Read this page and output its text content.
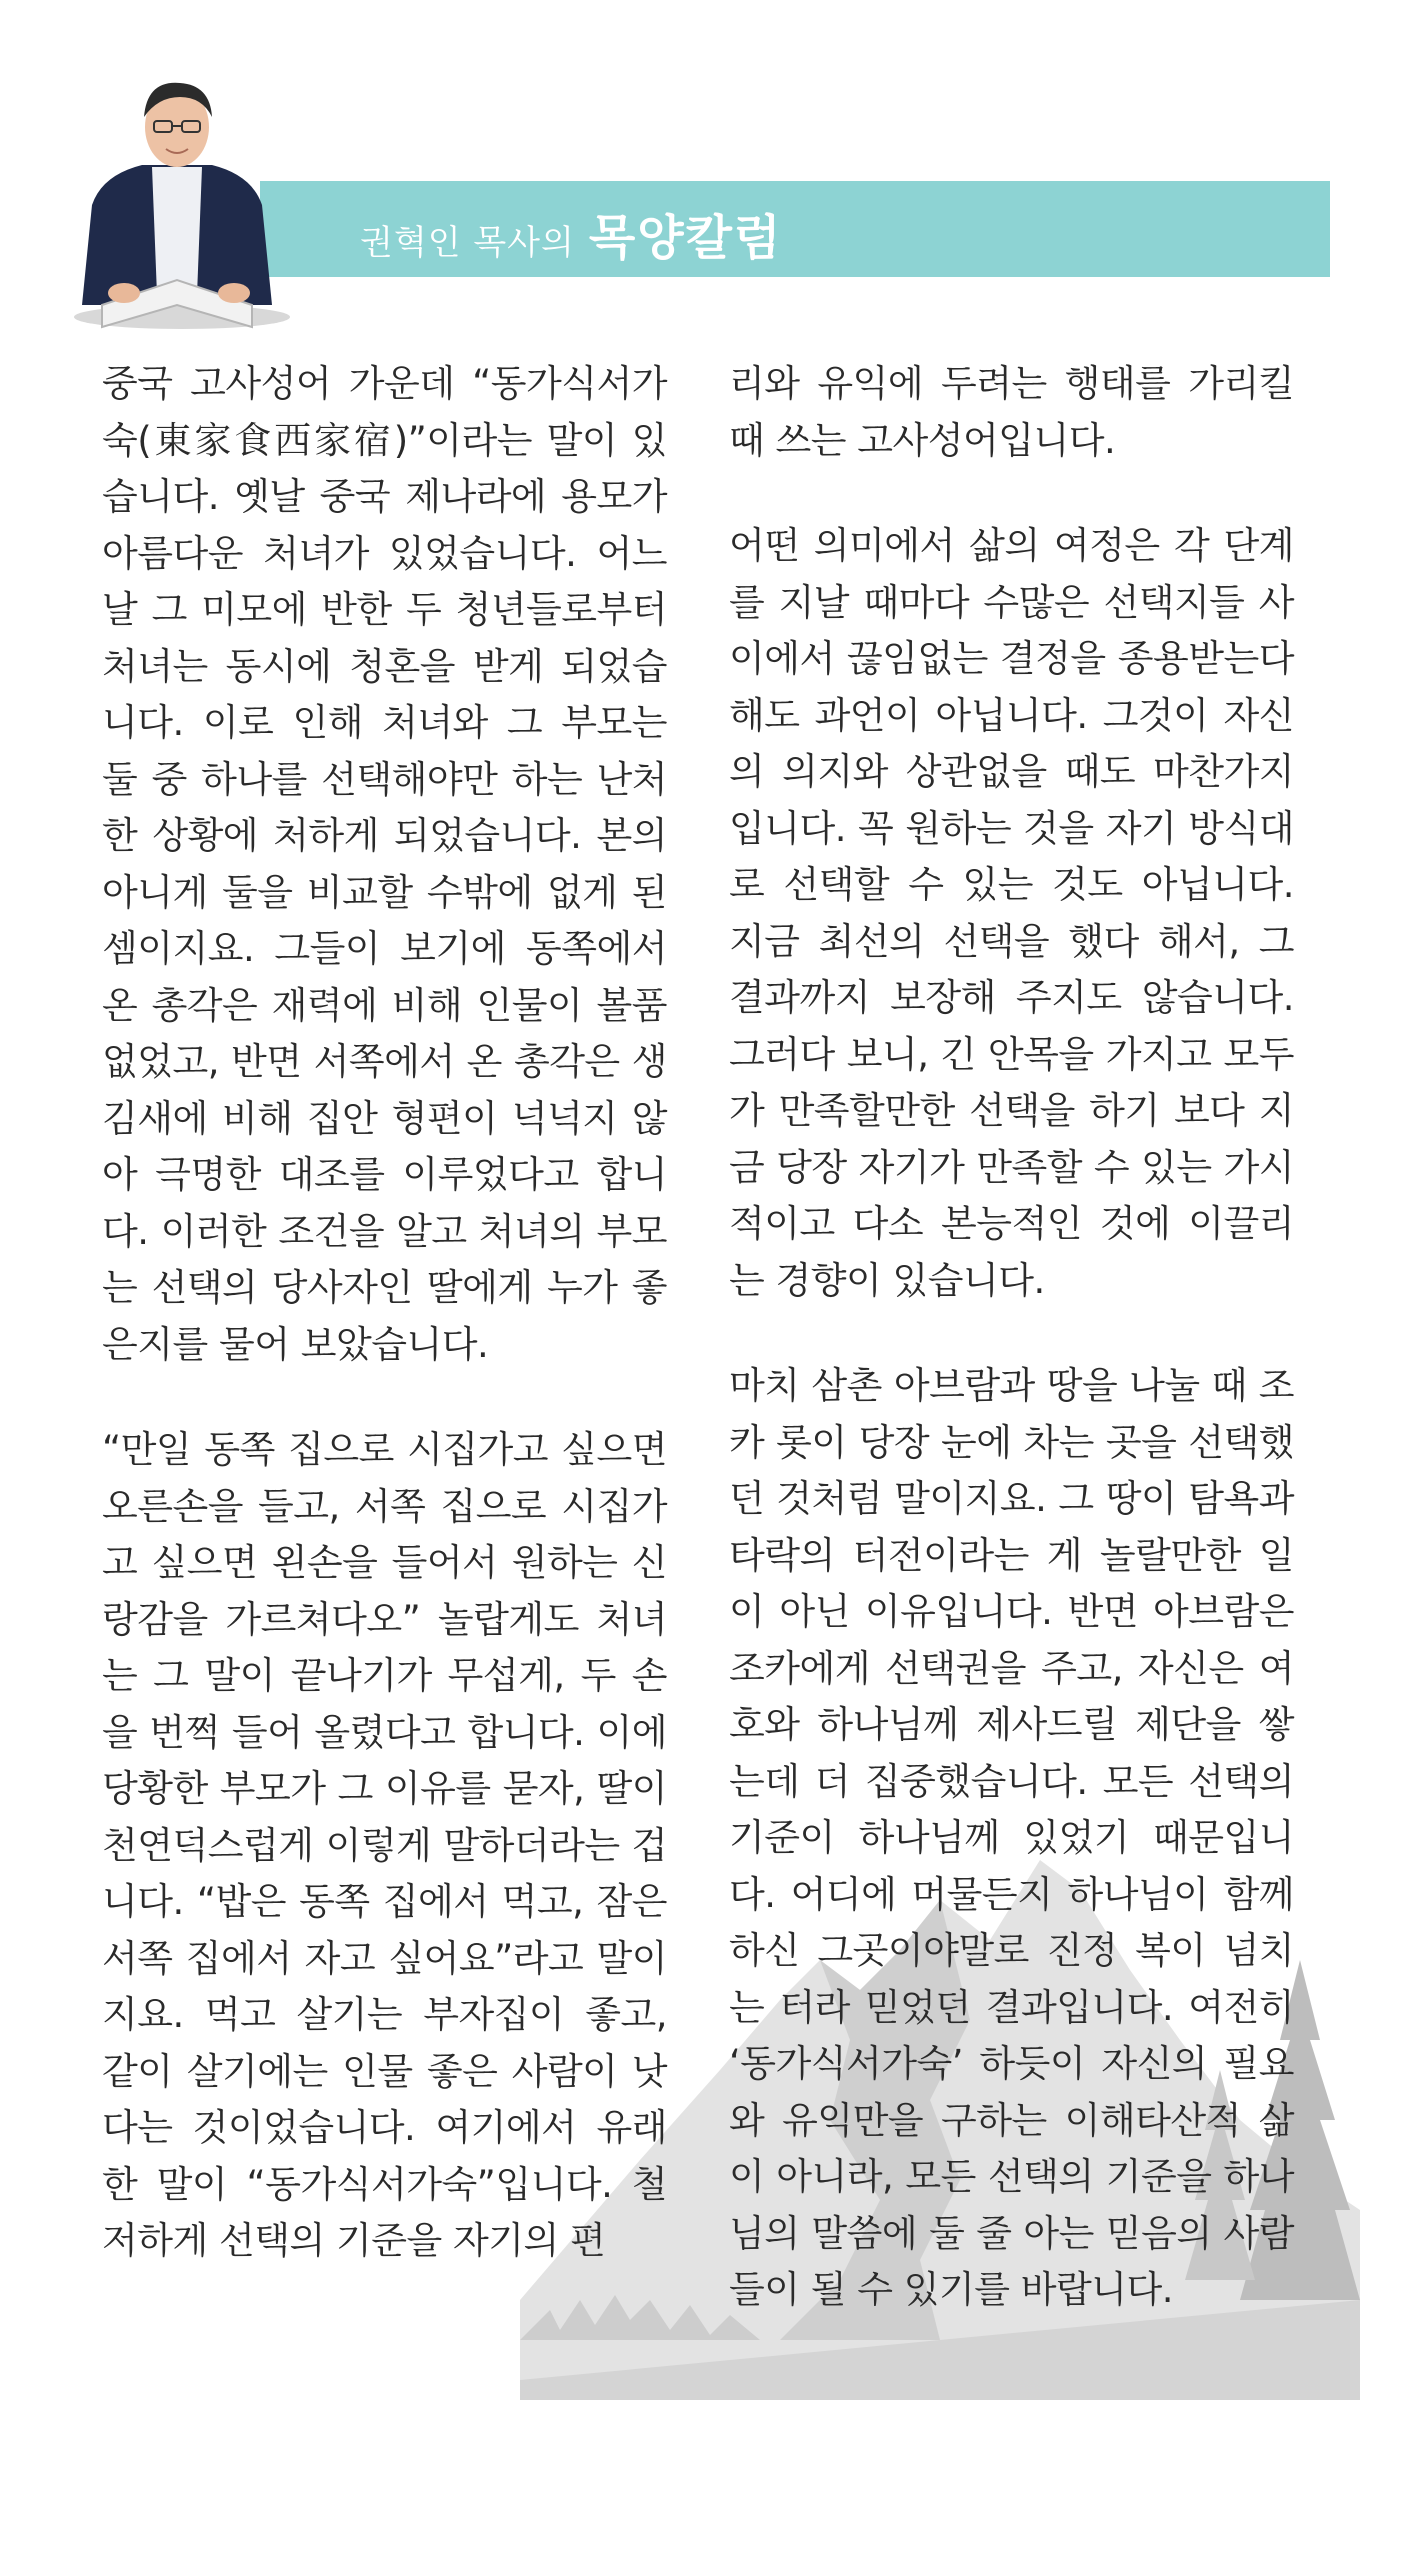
권혁인 목사의 목양칼럼

중국 고사성어 가운데 “동가식서가숙(東家食西家宿)”이라는 말이 있습니다. 옛날 중국 제나라에 용모가 아름다운 처녀가 있었습니다. 어느 날 그 미모에 반한 두 청년들로부터 처녀는 동시에 청혼을 받게 되었습니다. 이로 인해 처녀와 그 부모는 둘 중 하나를 선택해야만 하는 난처한 상황에 처하게 되었습니다. 본의 아니게 둘을 비교할 수밖에 없게 된 셈이지요. 그들이 보기에 동쪽에서 온 총각은 재력에 비해 인물이 볼품없었고, 반면 서쪽에서 온 총각은 생김새에 비해 집안 형편이 넉넉지 않아 극명한 대조를 이루었다고 합니다. 이러한 조건을 알고 처녀의 부모는 선택의 당사자인 딸에게 누가 좋은지를 물어 보았습니다.

“만일 동쪽 집으로 시집가고 싶으면 오른손을 들고, 서쪽 집으로 시집가고 싶으면 왼손을 들어서 원하는 신랑감을 가르쳐다오” 놀랍게도 처녀는 그 말이 끝나기가 무섭게, 두 손을 번쩍 들어 올렸다고 합니다. 이에 당황한 부모가 그 이유를 묻자, 딸이 천연덕스럽게 이렇게 말하더라는 겁니다. “밥은 동쪽 집에서 먹고, 잠은 서쪽 집에서 자고 싶어요”라고 말이지요. 먹고 살기는 부자집이 좋고, 같이 살기에는 인물 좋은 사람이 낫다는 것이었습니다. 여기에서 유래한 말이 “동가식서가숙”입니다. 철저하게 선택의 기준을 자기의 편

리와 유익에 두려는 행태를 가리킬 때 쓰는 고사성어입니다.

어떤 의미에서 삶의 여정은 각 단계를 지날 때마다 수많은 선택지들 사이에서 끊임없는 결정을 종용받는다해도 과언이 아닙니다. 그것이 자신의 의지와 상관없을 때도 마찬가지입니다. 꼭 원하는 것을 자기 방식대로 선택할 수 있는 것도 아닙니다. 지금 최선의 선택을 했다 해서, 그 결과까지 보장해 주지도 않습니다. 그러다 보니, 긴 안목을 가지고 모두가 만족할만한 선택을 하기 보다 지금 당장 자기가 만족할 수 있는 가시적이고 다소 본능적인 것에 이끌리는 경향이 있습니다.

마치 삼촌 아브람과 땅을 나눌 때 조카 롯이 당장 눈에 차는 곳을 선택했던 것처럼 말이지요. 그 땅이 탐욕과 타락의 터전이라는 게 놀랄만한 일이 아닌 이유입니다. 반면 아브람은 조카에게 선택권을 주고, 자신은 여호와 하나님께 제사드릴 제단을 쌓는데 더 집중했습니다. 모든 선택의 기준이 하나님께 있었기 때문입니다. 어디에 머물든지 하나님이 함께하신 그곳이야말로 진정 복이 넘치는 터라 믿었던 결과입니다. 여전히 ‘동가식서가숙’ 하듯이 자신의 필요와 유익만을 구하는 이해타산적 삶이 아니라, 모든 선택의 기준을 하나님의 말씀에 둘 줄 아는 믿음의 사람들이 될 수 있기를 바랍니다.
